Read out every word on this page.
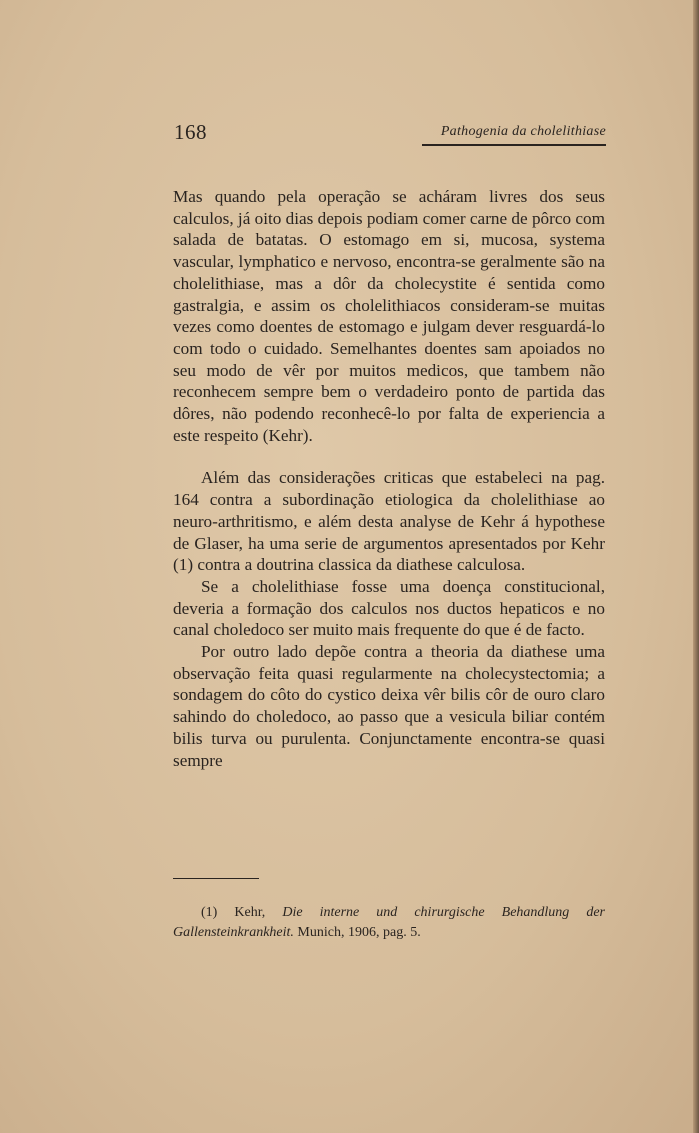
168	Pathogenia da cholelithiase

Mas quando pela operação se acháram livres dos seus calculos, já oito dias depois podiam comer carne de pôrco com salada de batatas. O estomago em si, mucosa, systema vascular, lymphatico e nervoso, encontra-se geralmente são na cholelithiase, mas a dôr da cholecystite é sentida como gastralgia, e assim os cholelithiacos consideram-se muitas vezes como doentes de estomago e julgam dever resguardá-lo com todo o cuidado. Semelhantes doentes sam apoiados no seu modo de vêr por muitos medicos, que tambem não reconhecem sempre bem o verdadeiro ponto de partida das dôres, não podendo reconhecê-lo por falta de experiencia a este respeito (Kehr).

Além das considerações criticas que estabeleci na pag. 164 contra a subordinação etiologica da cholelithiase ao neuro-arthritismo, e além desta analyse de Kehr á hypothese de Glaser, ha uma serie de argumentos apresentados por Kehr (1) contra a doutrina classica da diathese calculosa.

Se a cholelithiase fosse uma doença constitucional, deveria a formação dos calculos nos ductos hepaticos e no canal choledoco ser muito mais frequente do que é de facto.

Por outro lado depõe contra a theoria da diathese uma observação feita quasi regularmente na cholecystectomia; a sondagem do côto do cystico deixa vêr bilis côr de ouro claro sahindo do choledoco, ao passo que a vesicula biliar contém bilis turva ou purulenta. Conjunctamente encontra-se quasi sempre

(1) Kehr, Die interne und chirurgische Behandlung der Gallensteinkrankheit. Munich, 1906, pag. 5.
